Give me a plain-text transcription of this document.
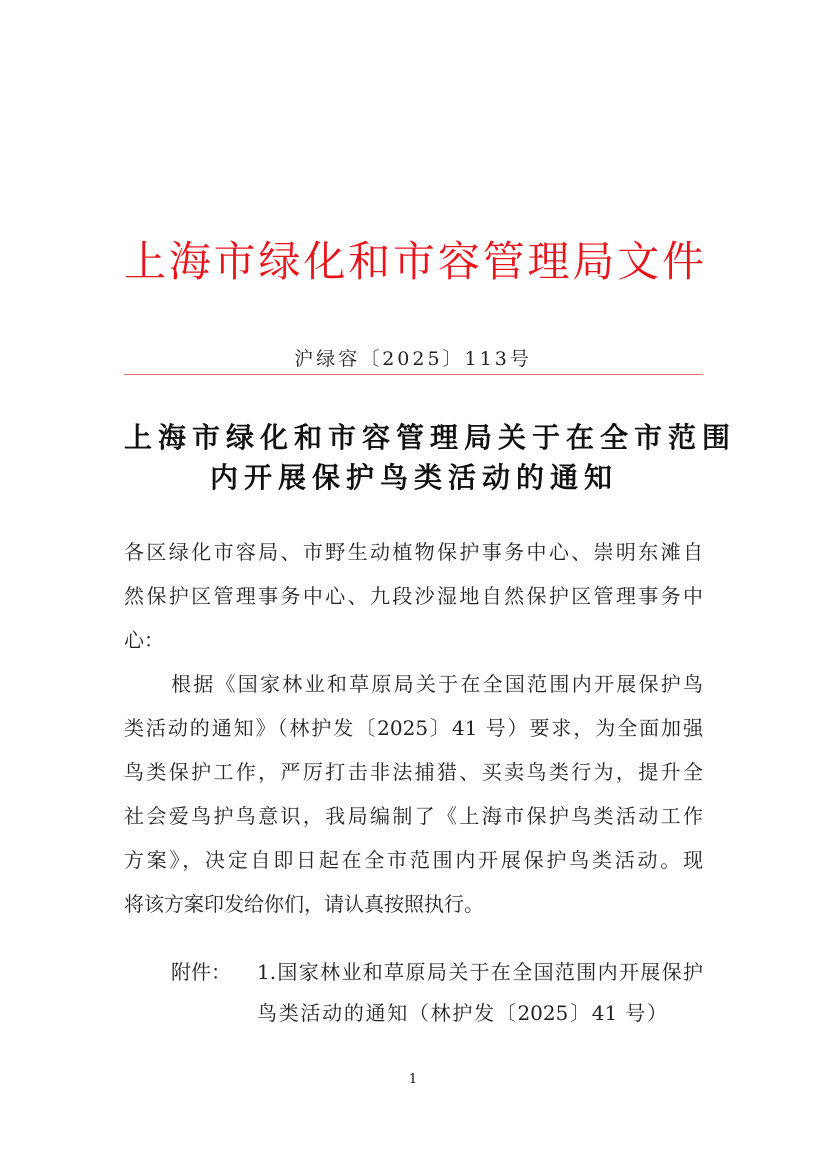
上海市绿化和市容管理局文件
沪绿容〔2025〕113号
上海市绿化和市容管理局关于在全市范围
内开展保护鸟类活动的通知
各区绿化市容局、市野生动植物保护事务中心、崇明东滩自
然保护区管理事务中心、九段沙湿地自然保护区管理事务中
心：
根据《国家林业和草原局关于在全国范围内开展保护鸟
类活动的通知》（林护发〔2025〕41 号）要求，为全面加强
鸟类保护工作，严厉打击非法捕猎、买卖鸟类行为，提升全
社会爱鸟护鸟意识，我局编制了《上海市保护鸟类活动工作
方案》，决定自即日起在全市范围内开展保护鸟类活动。现
将该方案印发给你们，请认真按照执行。
附件：	1.国家林业和草原局关于在全国范围内开展保护
鸟类活动的通知（林护发〔2025〕41 号）
1
